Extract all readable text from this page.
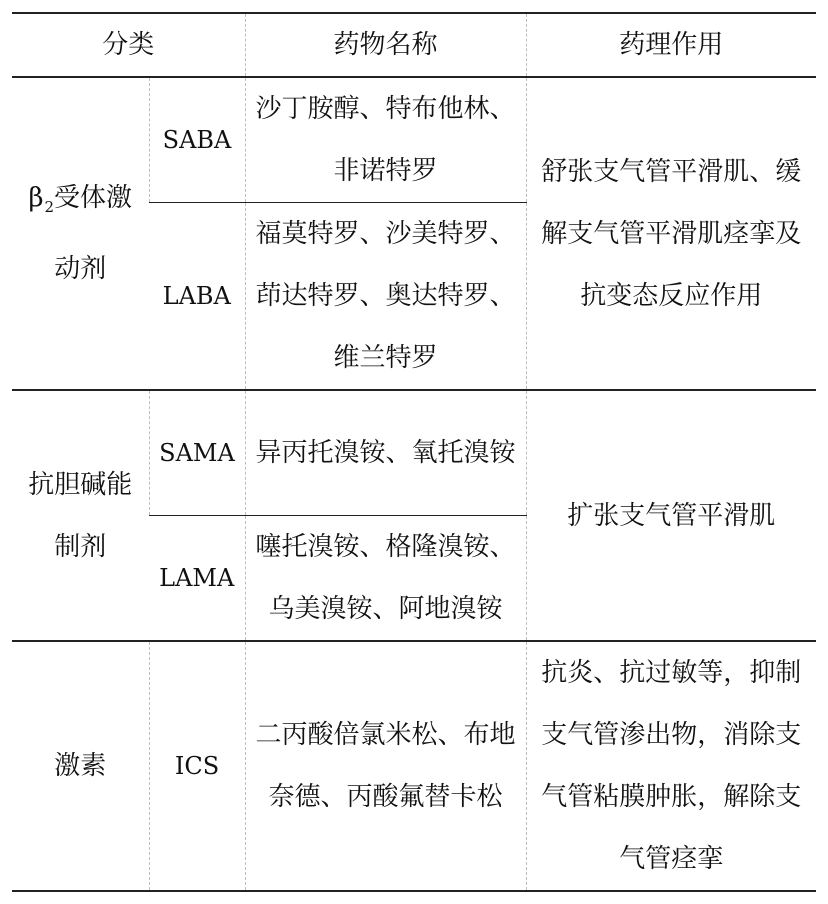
分类		药物名称	药理作用
$\beta_2$受体激动剂	SABA	沙丁胺醇、特布他林、非诺特罗	舒张支气管平滑肌、缓解支气管平滑肌痉挛及抗变态反应作用
	LABA	福莫特罗、沙美特罗、茚达特罗、奥达特罗、维兰特罗	
抗胆碱能制剂	SAMA	异丙托溴铵、氧托溴铵	扩张支气管平滑肌
	LAMA	噻托溴铵、格隆溴铵、乌美溴铵、阿地溴铵	
激素	ICS	二丙酸倍氯米松、布地奈德、丙酸氟替卡松	抗炎、抗过敏等，抑制支气管渗出物，消除支气管粘膜肿胀，解除支气管痉挛
